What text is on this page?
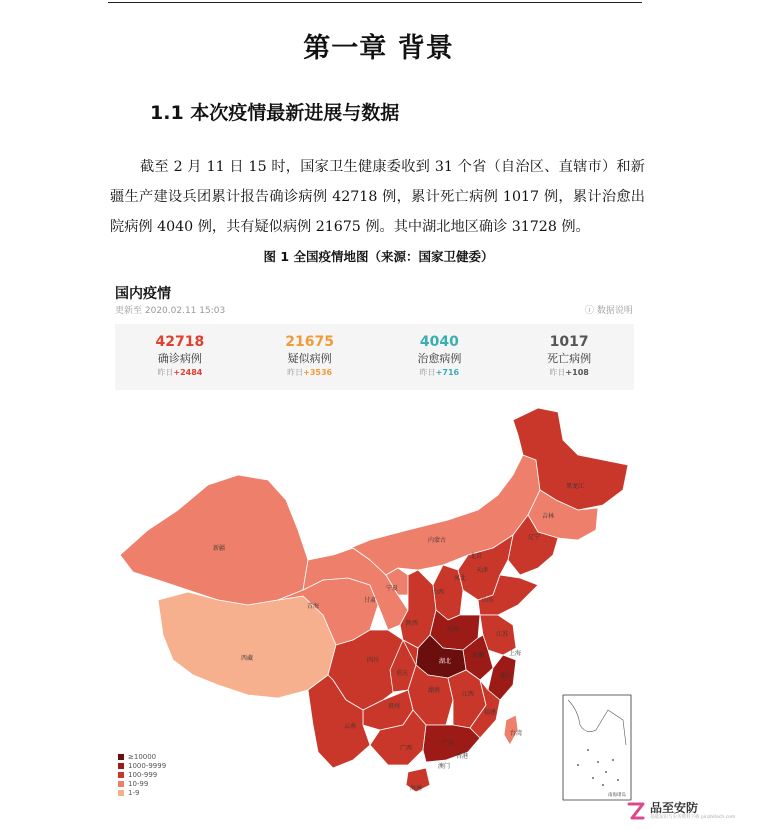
第一章 背景
1.1 本次疫情最新进展与数据
截至 2 月 11 日 15 时，国家卫生健康委收到 31 个省（自治区、直辖市）和新疆生产建设兵团累计报告确诊病例 42718 例，累计死亡病例 1017 例，累计治愈出院病例 4040 例，共有疑似病例 21675 例。其中湖北地区确诊 31728 例。
图 1 全国疫情地图（来源：国家卫健委）
国内疫情
更新至 2020.02.11 15:03	ⓘ 数据说明
42718
确诊病例
昨日+2484
21675
疑似病例
昨日+3536
4040
治愈病例
昨日+716
1017
死亡病例
昨日+108
新疆
西藏
青海
甘肃
内蒙古
黑龙江
吉林
辽宁
北京
天津
河北
山西
山东
宁夏
陕西
河南
江苏
安徽	上海
湖北
四川
重庆	浙江
湖南
江西
贵州
福建
云南
广西
广东
台湾
香港
澳门
海南
南海诸岛
≥10000
1000-9999
100-999
10-99
1-9
品至安防
基础知识与实务资料下载 pinzhitech.com
